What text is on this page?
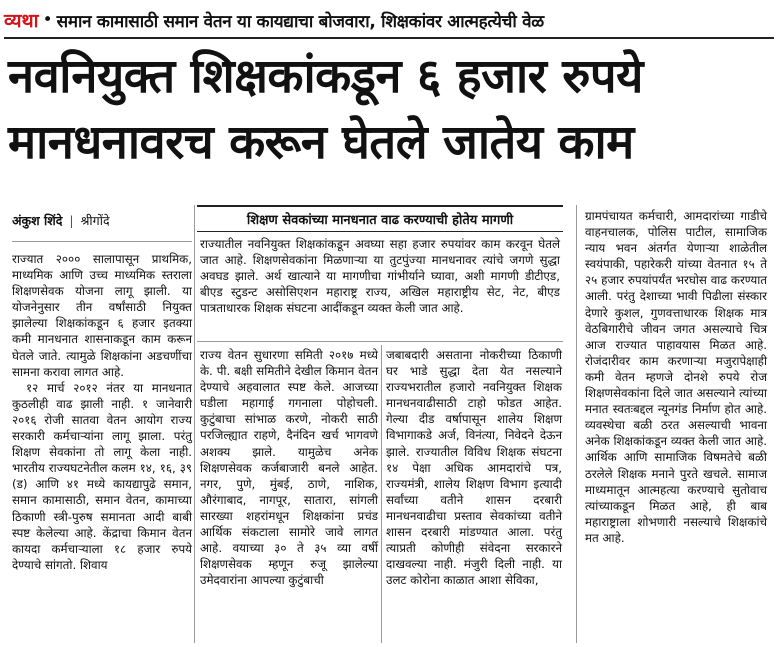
व्यथा • समान कामासाठी समान वेतन या कायद्याचा बोजवारा, शिक्षकांवर आत्महत्येची वेळ
नवनियुक्त शिक्षकांकडून ६ हजार रुपये
मानधनावरच करून घेतले जातेय काम
अंकुश शिंदे | श्रीगोंदे

राज्यात २००० सालापासून प्राथमिक, माध्यमिक आणि उच्च माध्यमिक स्तराला शिक्षणसेवक योजना लागू झाली. या योजनेनुसार तीन वर्षांसाठी नियुक्त झालेल्या शिक्षकांकडून ६ हजार इतक्या कमी मानधनात शासनाकडून काम करून घेतले जाते. त्यामुळे शिक्षकांना अडचणींचा सामना करावा लागत आहे.

१२ मार्च २०१२ नंतर या मानधनात कुठलीही वाढ झाली नाही. १ जानेवारी २०१६ रोजी सातवा वेतन आयोग राज्य सरकारी कर्मचाऱ्यांना लागू झाला. परंतु शिक्षण सेवकांना तो लागू केला नाही. भारतीय राज्यघटनेतील कलम १४, १६, ३९ (ड) आणि ४१ मध्ये कायद्यापुढे समान, समान कामासाठी, समान वेतन, कामाच्या ठिकाणी स्त्री-पुरुष समानता आदी बाबी स्पष्ट केलेल्या आहे. केंद्राचा किमान वेतन कायदा कर्मचाऱ्याला १८ हजार रुपये देण्याचे सांगतो. शिवाय

शिक्षण सेवकांच्या मानधनात वाढ करण्याची होतेय मागणी

राज्यातील नवनियुक्त शिक्षकांकडून अवघ्या सहा हजार रुपयांवर काम करवून घेतले जात आहे. शिक्षणसेवकांना मिळणाऱ्या या तुटपुंज्या मानधनावर त्यांचे जगणे सुद्धा अवघड झाले. अर्थ खात्याने या मागणीचा गांभीर्याने घ्यावा, अशी मागणी डीटीएड, बीएड स्टुडन्ट असोसिएशन महाराष्ट्र राज्य, अखिल महाराष्ट्रीय सेट, नेट, बीएड पात्रताधारक शिक्षक संघटना आदींकडून व्यक्त केली जात आहे.

राज्य वेतन सुधारणा समिती २०१७ मध्ये के. पी. बक्षी समितीने देखील किमान वेतन देण्याचे अहवालात स्पष्ट केले. आजच्या घडीला महागाई गगनाला पोहोचली. कुटुंबाचा सांभाळ करणे, नोकरी साठी परजिल्ह्यात राहणे, दैनंदिन खर्च भागवणे अशक्य झाले. यामुळेच अनेक शिक्षणसेवक कर्जबाजारी बनले आहेत. नगर, पुणे, मुंबई, ठाणे, नाशिक, औरंगाबाद, नागपूर, सातारा, सांगली सारख्या शहरांमधून शिक्षकांना प्रचंड आर्थिक संकटाला सामोरे जावे लागत आहे. वयाच्या ३० ते ३५ व्या वर्षी शिक्षणसेवक म्हणून रुजू झालेल्या उमेदवारांना आपल्या कुटुंबाची

जबाबदारी असताना नोकरीच्या ठिकाणी घर भाडे सुद्धा देता येत नसल्याने राज्यभरातील हजारो नवनियुक्त शिक्षक मानधनवाढीसाठी टाहो फोडत आहेत. गेल्या दीड वर्षापासून शालेय शिक्षण विभागाकडे अर्ज, विनंत्या, निवेदने देऊन झाले. राज्यातील विविध शिक्षक संघटना १४ पेक्षा अधिक आमदारांचे पत्र, राज्यमंत्री, शालेय शिक्षण विभाग इत्यादी सर्वांच्या वतीने शासन दरबारी मानधनवाढीचा प्रस्ताव सेवकांच्या वतीने शासन दरबारी मांडण्यात आला. परंतु त्याप्रती कोणीही संवेदना सरकारने दाखवल्या नाही. मंजुरी दिली नाही. या उलट कोरोना काळात आशा सेविका,

ग्रामपंचायत कर्मचारी, आमदारांच्या गाडीचे वाहनचालक, पोलिस पाटील, सामाजिक न्याय भवन अंतर्गत येणाऱ्या शाळेतील स्वयंपाकी, पहारेकरी यांच्या वेतनात १५ ते २५ हजार रुपयांपर्यंत भरघोस वाढ करण्यात आली. परंतु देशाच्या भावी पिढीला संस्कार देणारे कुशल, गुणवत्ताधारक शिक्षक मात्र वेठबिगारीचे जीवन जगत असल्याचे चित्र आज राज्यात पाहावयास मिळत आहे. रोजंदारीवर काम करणाऱ्या मजुरापेक्षाही कमी वेतन म्हणजे दोनशे रुपये रोज शिक्षणसेवकांना दिले जात असल्याने त्यांच्या मनात स्वतःबद्दल न्यूनगंड निर्माण होत आहे. व्यवस्थेचा बळी ठरत असल्याची भावना अनेक शिक्षकांकडून व्यक्त केली जात आहे. आर्थिक आणि सामाजिक विषमतेचे बळी ठरलेले शिक्षक मनाने पुरते खचले. सामाज माध्यमातून आत्महत्या करण्याचे सुतोवाच त्यांच्याकडून मिळत आहे, ही बाब महाराष्ट्राला शोभणारी नसल्याचे शिक्षकांचे मत आहे.
